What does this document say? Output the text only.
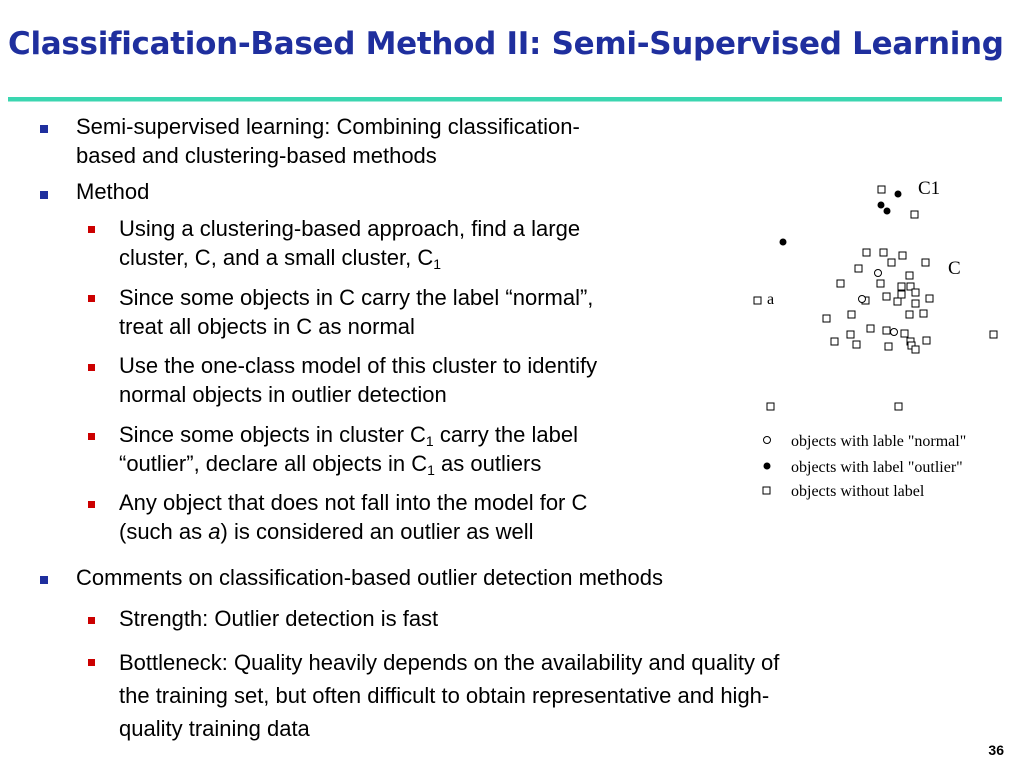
Classification-Based Method II: Semi-Supervised Learning
Semi-supervised learning: Combining classification-
based and clustering-based methods
Method
Using a clustering-based approach, find a large
cluster, C, and a small cluster, $C_1$
Since some objects in C carry the label “normal”,
treat all objects in C as normal
Use the one-class model of this cluster to identify
normal objects in outlier detection
Since some objects in cluster $C_1$ carry the label
“outlier”, declare all objects in $C_1$ as outliers
Any object that does not fall into the model for C
(such as a) is considered an outlier as well
Comments on classification-based outlier detection methods
Strength: Outlier detection is fast
Bottleneck: Quality heavily depends on the availability and quality of
the training set, but often difficult to obtain representative and high-
quality training data
C1
C
a
objects with lable "normal"
objects with label "outlier"
objects without label
36
